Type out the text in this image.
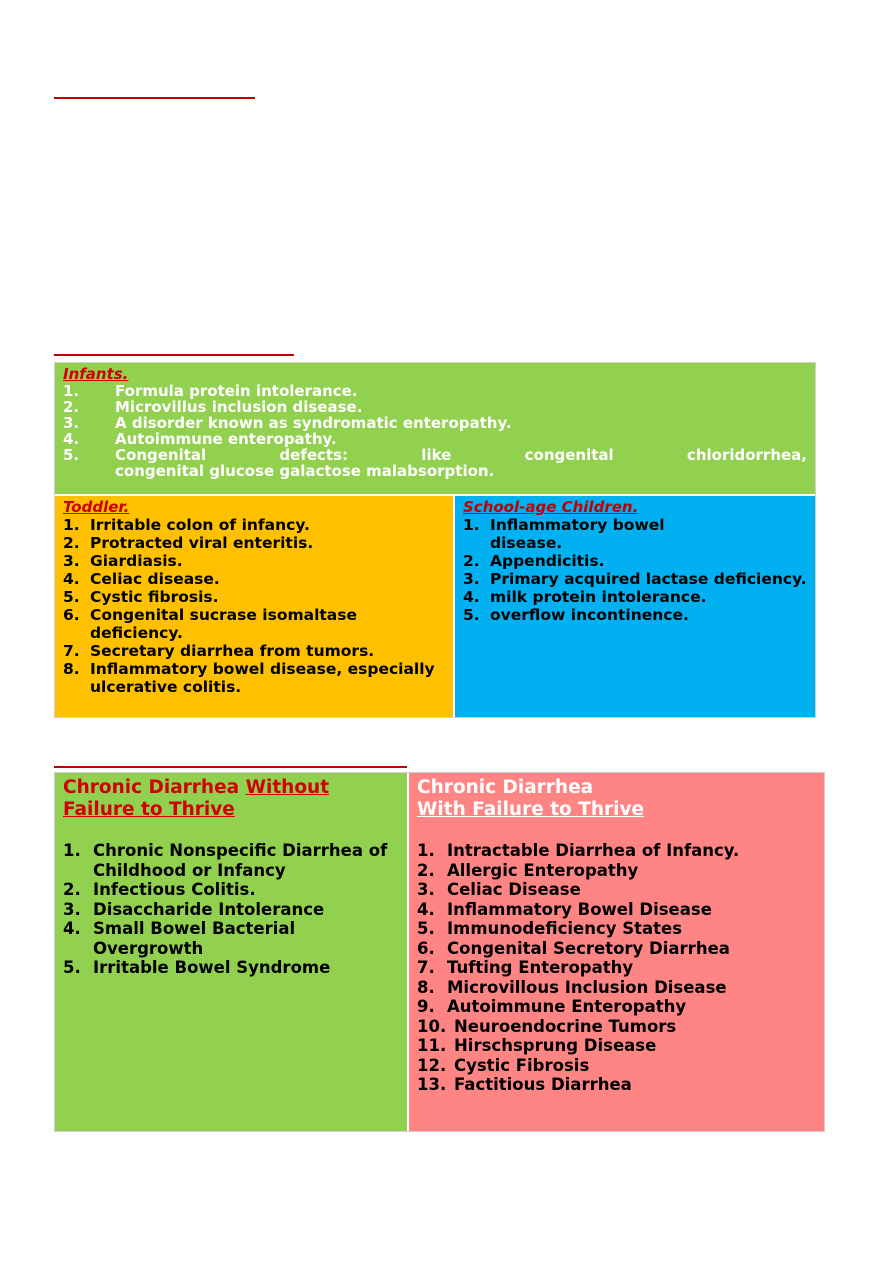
Infants.
1.	Formula protein intolerance.
2.	Microvillus inclusion disease.
3.	A disorder known as syndromatic enteropathy.
4.	Autoimmune enteropathy.
5.	Congenital defects: like congenital chloridorrhea,
congenital glucose galactose malabsorption.
Toddler.
1. Irritable colon of infancy.
2. Protracted viral enteritis.
3. Giardiasis.
4. Celiac disease.
5. Cystic fibrosis.
6. Congenital sucrase isomaltase deficiency.
7. Secretary diarrhea from tumors.
8. Inflammatory bowel disease, especially ulcerative colitis.
School-age Children.
1. Inflammatory bowel disease.
2. Appendicitis.
3. Primary acquired lactase deficiency.
4. milk protein intolerance.
5. overflow incontinence.
Chronic Diarrhea Without
Failure to Thrive
1. Chronic Nonspecific Diarrhea of Childhood or Infancy
2. Infectious Colitis.
3. Disaccharide Intolerance
4. Small Bowel Bacterial Overgrowth
5. Irritable Bowel Syndrome
Chronic Diarrhea
With Failure to Thrive
1. Intractable Diarrhea of Infancy.
2. Allergic Enteropathy
3. Celiac Disease
4. Inflammatory Bowel Disease
5. Immunodeficiency States
6. Congenital Secretory Diarrhea
7. Tufting Enteropathy
8. Microvillous Inclusion Disease
9. Autoimmune Enteropathy
10. Neuroendocrine Tumors
11. Hirschsprung Disease
12. Cystic Fibrosis
13. Factitious Diarrhea
